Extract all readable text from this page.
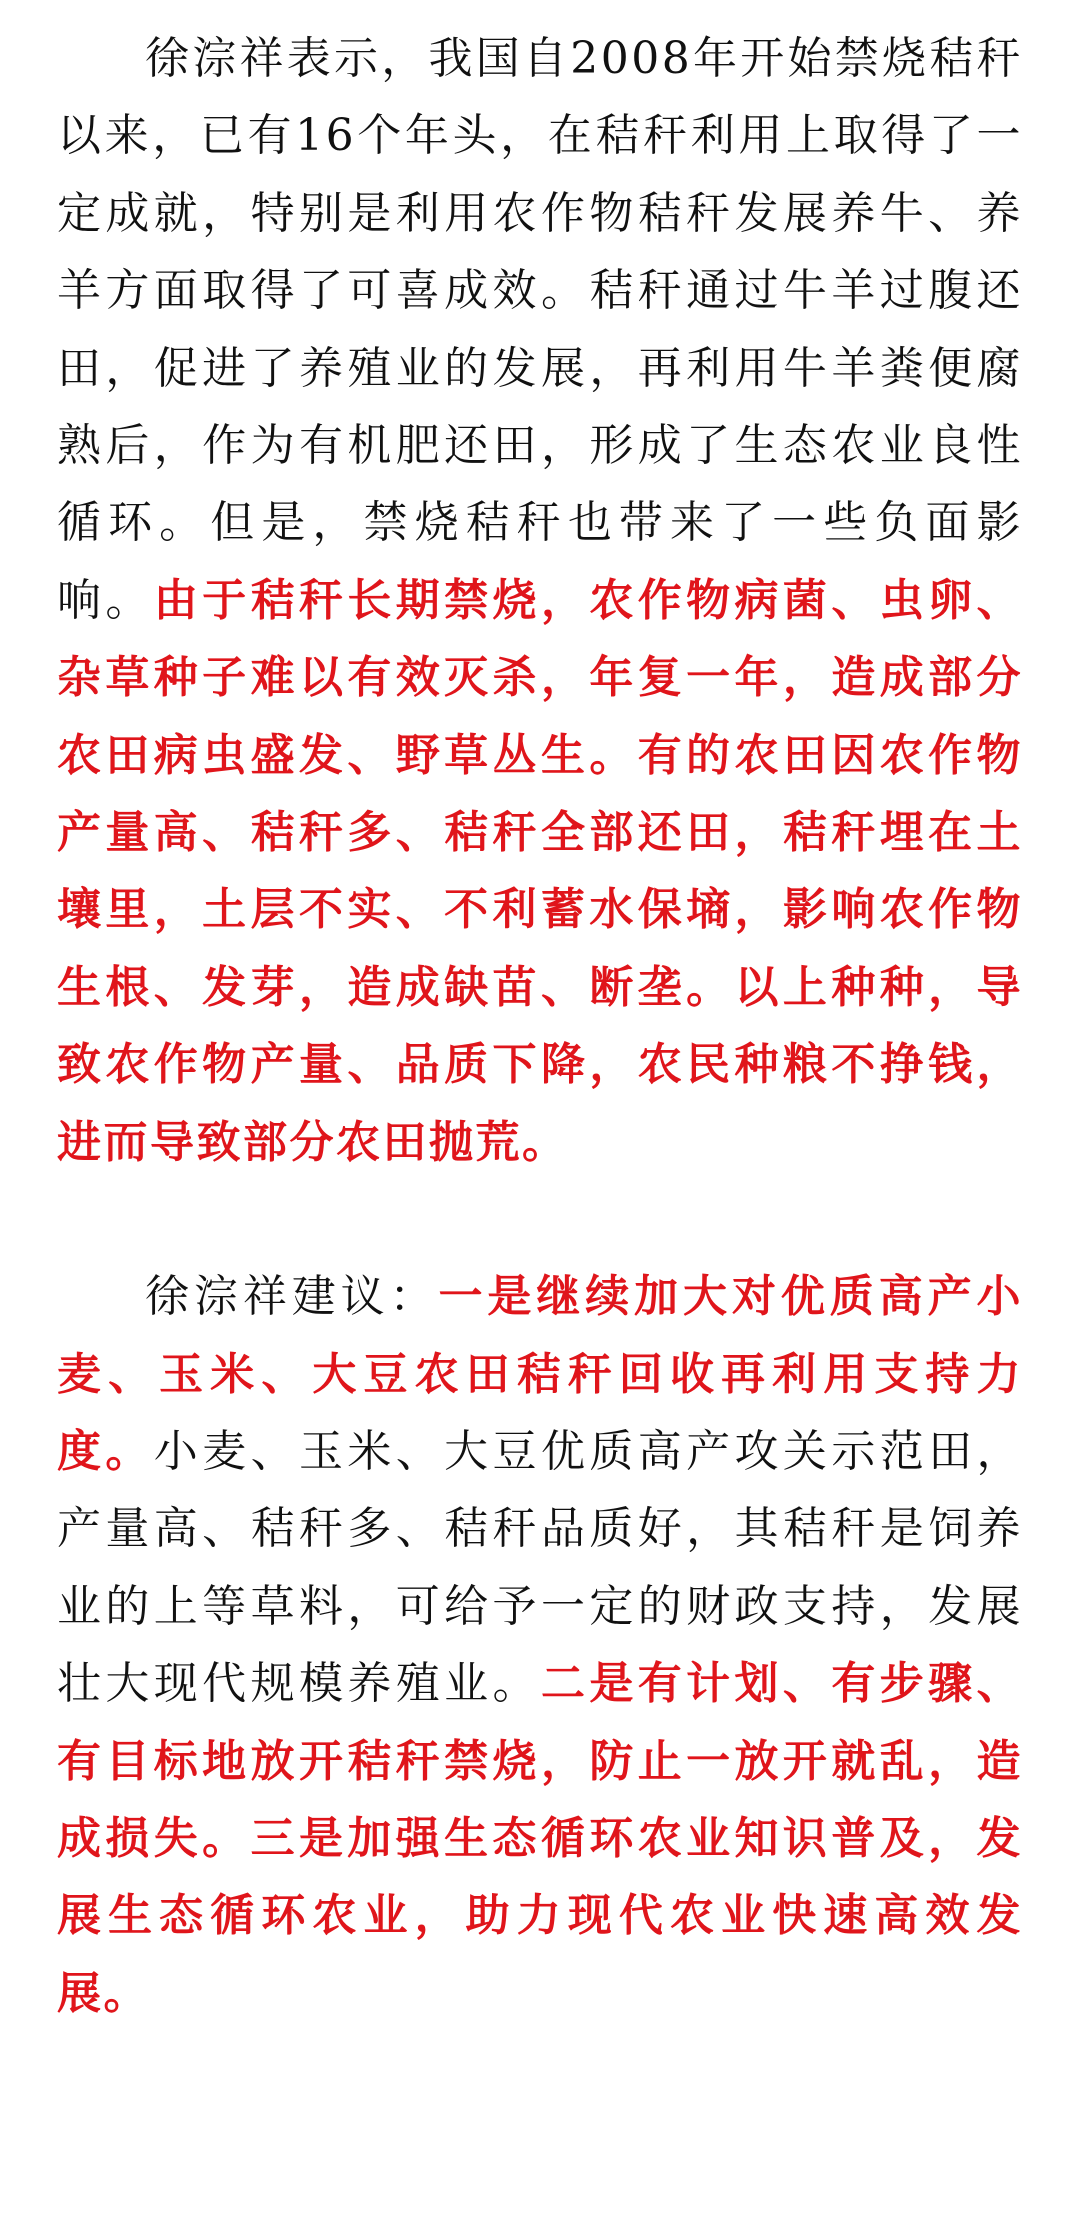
徐淙祥表示，我国自2008年开始禁烧秸秆以来，已有16个年头，在秸秆利用上取得了一定成就，特别是利用农作物秸秆发展养牛、养羊方面取得了可喜成效。秸秆通过牛羊过腹还田，促进了养殖业的发展，再利用牛羊粪便腐熟后，作为有机肥还田，形成了生态农业良性循环。但是，禁烧秸秆也带来了一些负面影响。由于秸秆长期禁烧，农作物病菌、虫卵、杂草种子难以有效灭杀，年复一年，造成部分农田病虫盛发、野草丛生。有的农田因农作物产量高、秸秆多、秸秆全部还田，秸秆埋在土壤里，土层不实、不利蓄水保墒，影响农作物生根、发芽，造成缺苗、断垄。以上种种，导致农作物产量、品质下降，农民种粮不挣钱，进而导致部分农田抛荒。

徐淙祥建议：一是继续加大对优质高产小麦、玉米、大豆农田秸秆回收再利用支持力度。小麦、玉米、大豆优质高产攻关示范田，产量高、秸秆多、秸秆品质好，其秸秆是饲养业的上等草料，可给予一定的财政支持，发展壮大现代规模养殖业。二是有计划、有步骤、有目标地放开秸秆禁烧，防止一放开就乱，造成损失。三是加强生态循环农业知识普及，发展生态循环农业，助力现代农业快速高效发展。
